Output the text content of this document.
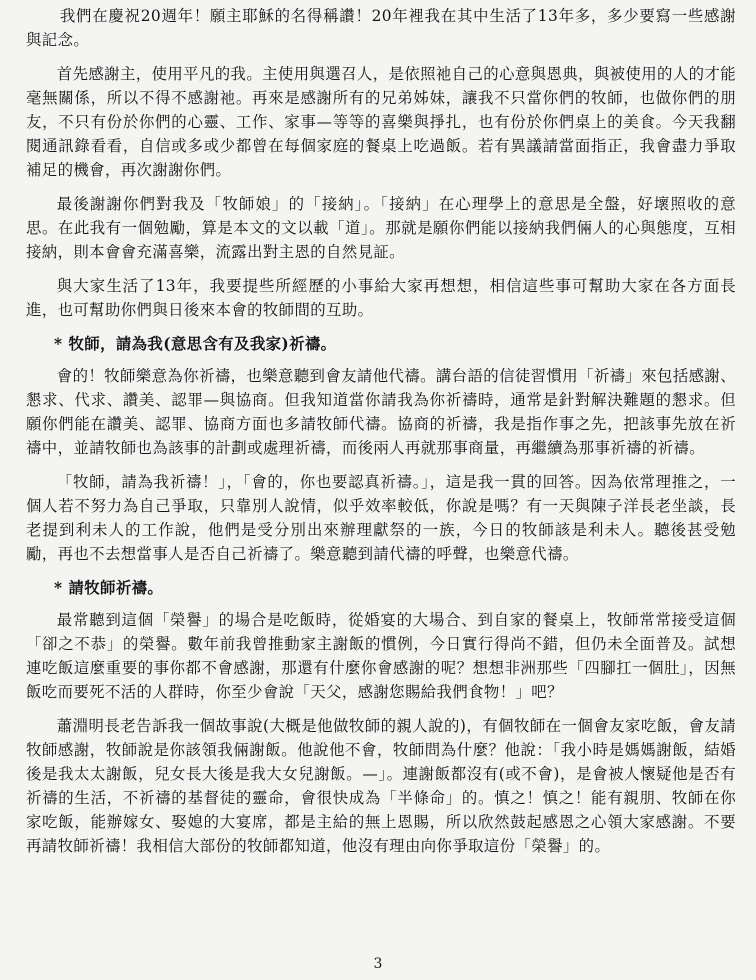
我們在慶祝20週年！願主耶穌的名得稱讚！20年裡我在其中生活了13年多，多少要寫一些感謝與記念。

首先感謝主，使用平凡的我。主使用與選召人，是依照祂自己的心意與恩典，與被使用的人的才能毫無關係，所以不得不感謝祂。再來是感謝所有的兄弟姊妹，讓我不只當你們的牧師，也做你們的朋友，不只有份於你們的心靈、工作、家事—等等的喜樂與掙扎，也有份於你們桌上的美食。今天我翻閱通訊錄看看，自信或多或少都曾在每個家庭的餐桌上吃過飯。若有異議請當面指正，我會盡力爭取補足的機會，再次謝謝你們。

最後謝謝你們對我及「牧師娘」的「接納」。「接納」在心理學上的意思是全盤，好壞照收的意思。在此我有一個勉勵，算是本文的文以載「道」。那就是願你們能以接納我們倆人的心與態度，互相接納，則本會會充滿喜樂，流露出對主恩的自然見証。

與大家生活了13年，我要提些所經歷的小事給大家再想想，相信這些事可幫助大家在各方面長進，也可幫助你們與日後來本會的牧師間的互助。

* 牧師，請為我(意思含有及我家)祈禱。

會的！牧師樂意為你祈禱，也樂意聽到會友請他代禱。講台語的信徒習慣用「祈禱」來包括感謝、懇求、代求、讚美、認罪—與協商。但我知道當你請我為你祈禱時，通常是針對解決難題的懇求。但願你們能在讚美、認罪、協商方面也多請牧師代禱。協商的祈禱，我是指作事之先，把該事先放在祈禱中，並請牧師也為該事的計劃或處理祈禱，而後兩人再就那事商量，再繼續為那事祈禱的祈禱。

「牧師，請為我祈禱！」，「會的，你也要認真祈禱。」，這是我一貫的回答。因為依常理推之，一個人若不努力為自己爭取，只靠別人說情，似乎效率較低，你說是嗎？有一天與陳子洋長老坐談，長老提到利未人的工作說，他們是受分別出來辦理獻祭的一族，今日的牧師該是利未人。聽後甚受勉勵，再也不去想當事人是否自己祈禱了。樂意聽到請代禱的呼聲，也樂意代禱。

* 請牧師祈禱。

最常聽到這個「榮譽」的場合是吃飯時，從婚宴的大場合、到自家的餐桌上，牧師常常接受這個「卻之不恭」的榮譽。數年前我曾推動家主謝飯的慣例，今日實行得尚不錯，但仍未全面普及。試想連吃飯這麼重要的事你都不會感謝，那還有什麼你會感謝的呢？想想非洲那些「四腳扛一個肚」，因無飯吃而要死不活的人群時，你至少會說「天父，感謝您賜給我們食物！」吧？

蕭淵明長老告訴我一個故事說(大概是他做牧師的親人說的)，有個牧師在一個會友家吃飯，會友請牧師感謝，牧師說是你該領我倆謝飯。他說他不會，牧師問為什麼？他說：「我小時是媽媽謝飯，結婚後是我太太謝飯，兒女長大後是我大女兒謝飯。—」。連謝飯都沒有(或不會)，是會被人懷疑他是否有祈禱的生活，不祈禱的基督徒的靈命，會很快成為「半條命」的。慎之！慎之！能有親朋、牧師在你家吃飯，能辦嫁女、娶媳的大宴席，都是主給的無上恩賜，所以欣然鼓起感恩之心領大家感謝。不要再請牧師祈禱！我相信大部份的牧師都知道，他沒有理由向你爭取這份「榮譽」的。

3
